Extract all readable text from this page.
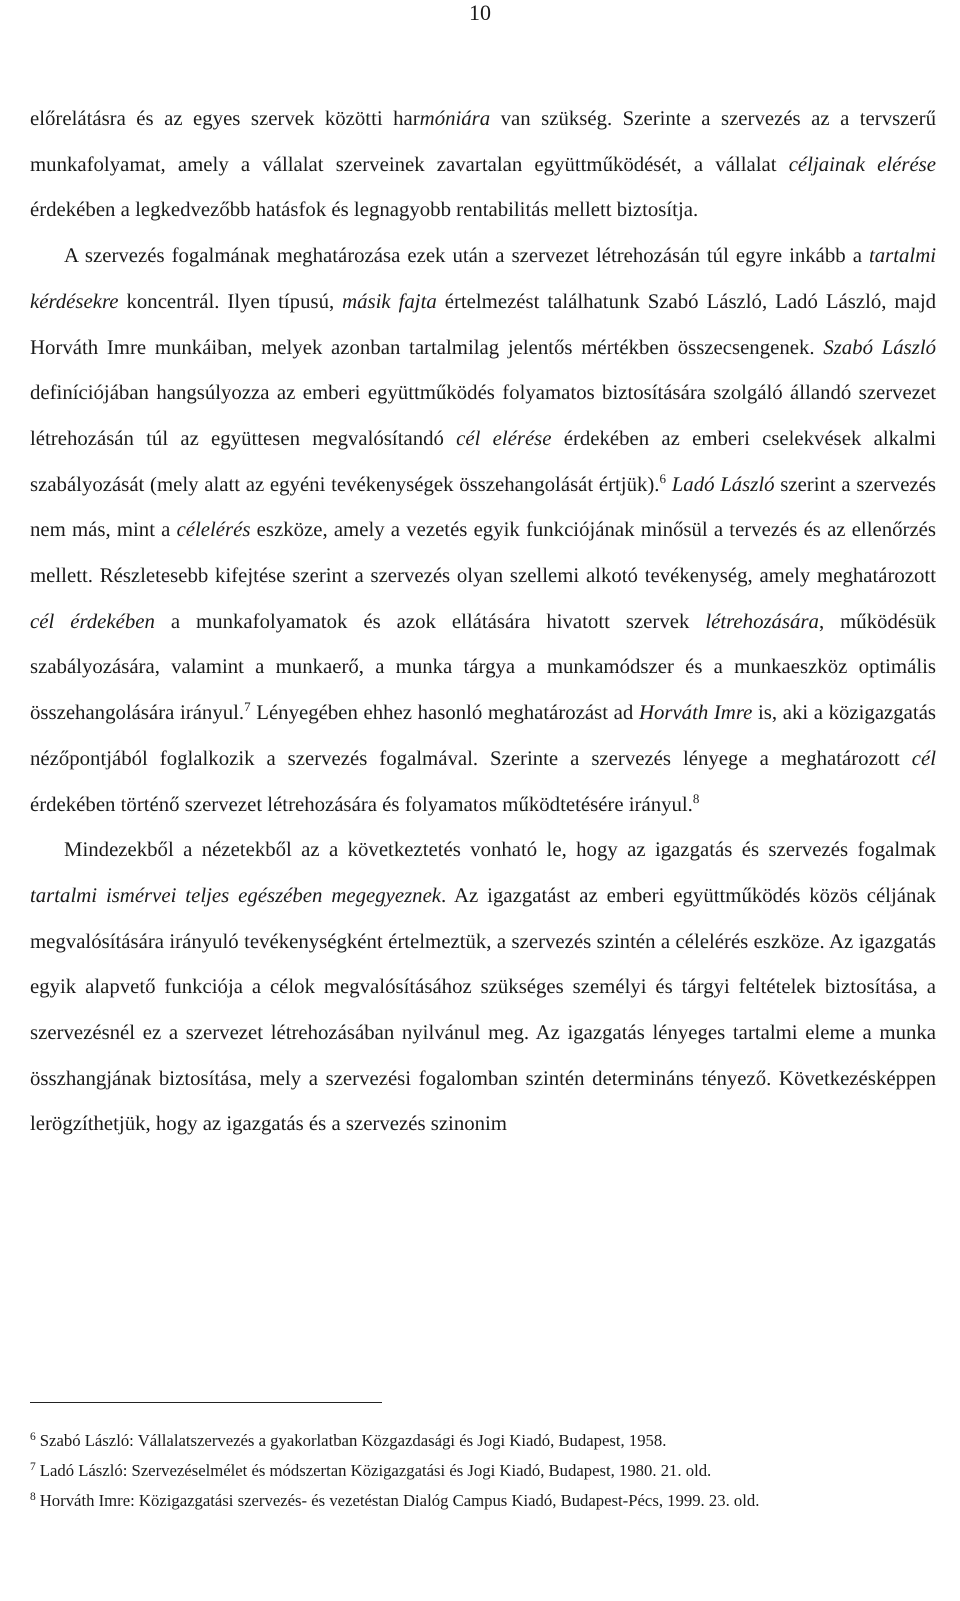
10

előrelátásra és az egyes szervek közötti harmóniára van szükség. Szerinte a szervezés az a tervszerű munkafolyamat, amely a vállalat szerveinek zavartalan együttműködését, a vállalat céljainak elérése érdekében a legkedvezőbb hatásfok és legnagyobb rentabilitás mellett biztosítja.

A szervezés fogalmának meghatározása ezek után a szervezet létrehozásán túl egyre inkább a tartalmi kérdésekre koncentrál. Ilyen típusú, másik fajta értelmezést találhatunk Szabó László, Ladó László, majd Horváth Imre munkáiban, melyek azonban tartalmilag jelentős mértékben összecsengenek. Szabó László definíciójában hangsúlyozza az emberi együttműködés folyamatos biztosítására szolgáló állandó szervezet létrehozásán túl az együttesen megvalósítandó cél elérése érdekében az emberi cselekvések alkalmi szabályozását (mely alatt az egyéni tevékenységek összehangolását értjük).$^6$ Ladó László szerint a szervezés nem más, mint a célelérés eszköze, amely a vezetés egyik funkciójának minősül a tervezés és az ellenőrzés mellett. Részletesebb kifejtése szerint a szervezés olyan szellemi alkotó tevékenység, amely meghatározott cél érdekében a munkafolyamatok és azok ellátására hivatott szervek létrehozására, működésük szabályozására, valamint a munkaerő, a munka tárgya a munkamódszer és a munkaeszköz optimális összehangolására irányul.$^7$ Lényegében ehhez hasonló meghatározást ad Horváth Imre is, aki a közigazgatás nézőpontjából foglalkozik a szervezés fogalmával. Szerinte a szervezés lényege a meghatározott cél érdekében történő szervezet létrehozására és folyamatos működtetésére irányul.$^8$

Mindezekből a nézetekből az a következtetés vonható le, hogy az igazgatás és szervezés fogalmak tartalmi ismérvei teljes egészében megegyeznek. Az igazgatást az emberi együttműködés közös céljának megvalósítására irányuló tevékenységként értelmeztük, a szervezés szintén a célelérés eszköze. Az igazgatás egyik alapvető funkciója a célok megvalósításához szükséges személyi és tárgyi feltételek biztosítása, a szervezésnél ez a szervezet létrehozásában nyilvánul meg. Az igazgatás lényeges tartalmi eleme a munka összhangjának biztosítása, mely a szervezési fogalomban szintén determináns tényező. Következésképpen lerögzíthetjük, hogy az igazgatás és a szervezés szinonim

$^6$ Szabó László: Vállalatszervezés a gyakorlatban Közgazdasági és Jogi Kiadó, Budapest, 1958.

$^7$ Ladó László: Szervezéselmélet és módszertan Közigazgatási és Jogi Kiadó, Budapest, 1980. 21. old.

$^8$ Horváth Imre: Közigazgatási szervezés- és vezetéstan Dialóg Campus Kiadó, Budapest-Pécs, 1999. 23. old.
